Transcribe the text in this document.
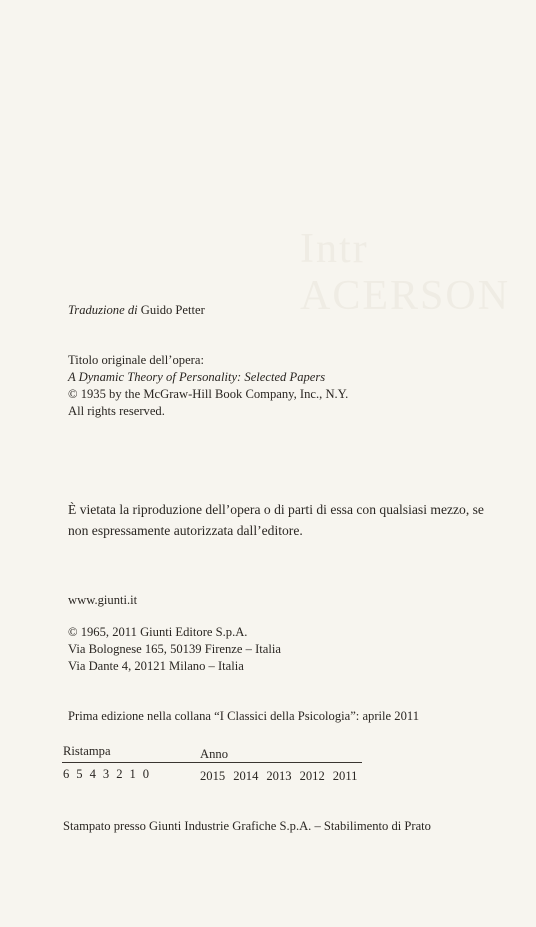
Intr
ACERSON
Traduzione di Guido Petter
Titolo originale dell’opera:
A Dynamic Theory of Personality: Selected Papers
© 1935 by the McGraw-Hill Book Company, Inc., N.Y.
All rights reserved.
È vietata la riproduzione dell’opera o di parti di essa con qualsiasi mezzo, se non espressamente autorizzata dall’editore.
www.giunti.it
© 1965, 2011 Giunti Editore S.p.A.
Via Bolognese 165, 50139 Firenze – Italia
Via Dante 4, 20121 Milano – Italia
Prima edizione nella collana “I Classici della Psicologia”: aprile 2011
Ristampa	Anno
6 5 4 3 2 1 0	2015 2014 2013 2012 2011
Stampato presso Giunti Industrie Grafiche S.p.A. – Stabilimento di Prato
